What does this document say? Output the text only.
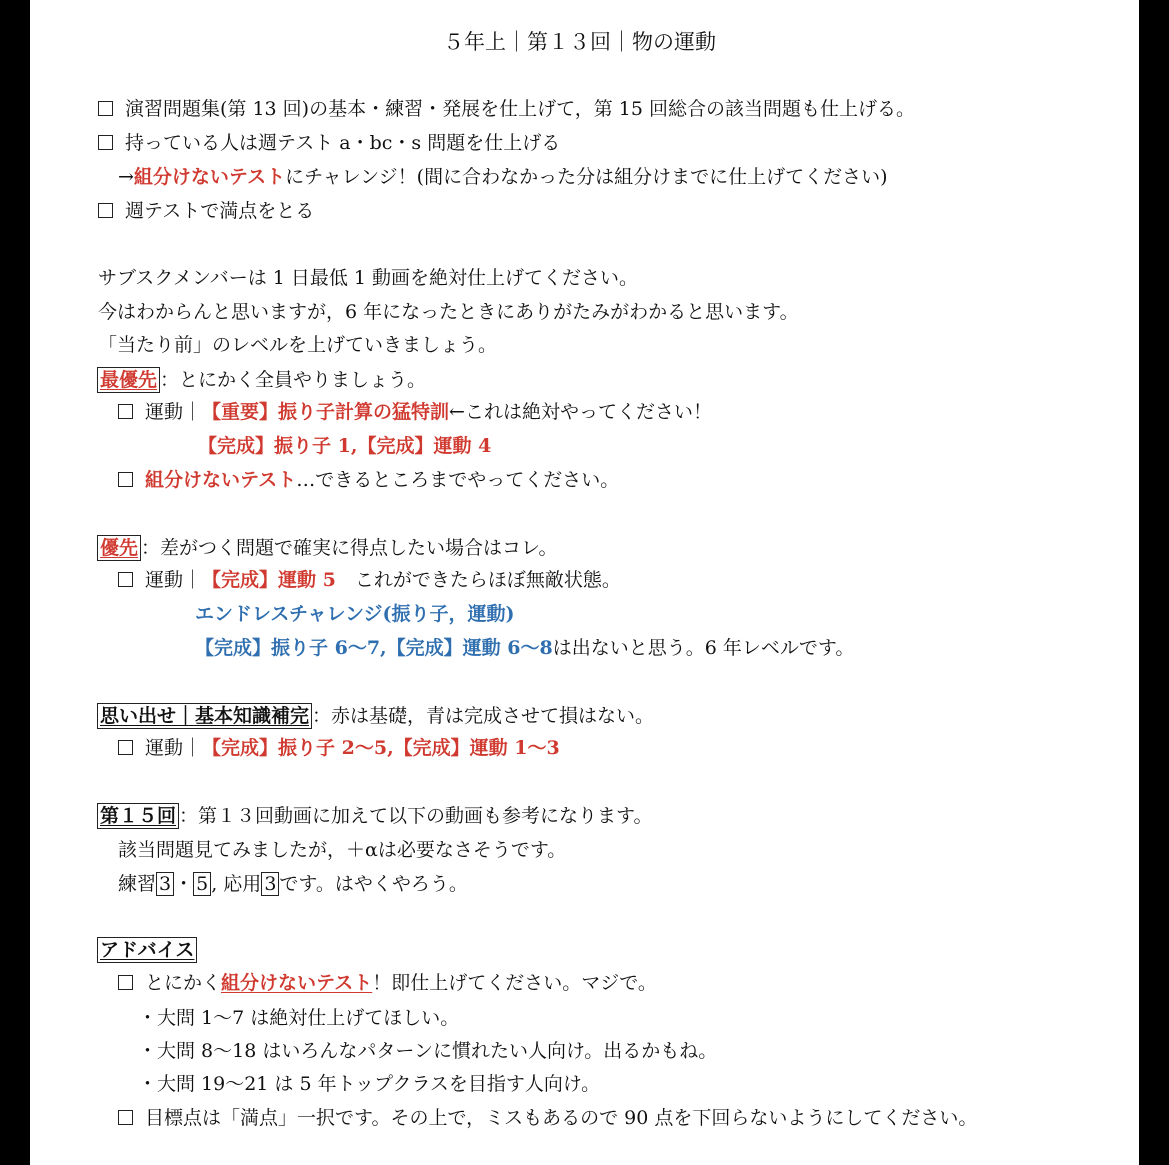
５年上｜第１３回｜物の運動
演習問題集(第 13 回)の基本・練習・発展を仕上げて，第 15 回総合の該当問題も仕上げる。
持っている人は週テスト a・bc・s 問題を仕上げる
→組分けないテストにチャレンジ！(間に合わなかった分は組分けまでに仕上げてください)
週テストで満点をとる
サブスクメンバーは 1 日最低 1 動画を絶対仕上げてください。
今はわからんと思いますが，6 年になったときにありがたみがわかると思います。
「当たり前」のレベルを上げていきましょう。
最優先 ：とにかく全員やりましょう。
運動｜【重要】振り子計算の猛特訓←これは絶対やってください！
【完成】振り子 1,【完成】運動 4
組分けないテスト…できるところまでやってください。
優先 ：差がつく問題で確実に得点したい場合はコレ。
運動｜【完成】運動 5　これができたらほぼ無敵状態。
エンドレスチャレンジ(振り子，運動)
【完成】振り子 6～7,【完成】運動 6～8は出ないと思う。6 年レベルです。
思い出せ｜基本知識補完 ：赤は基礎，青は完成させて損はない。
運動｜【完成】振り子 2～5,【完成】運動 1～3
第１５回 ：第１３回動画に加えて以下の動画も参考になります。
該当問題見てみましたが，＋αは必要なさそうです。
練習 3 ・ 5 , 応用 3 です。はやくやろう。
アドバイス
とにかく組分けないテスト！即仕上げてください。マジで。
・大問 1～7 は絶対仕上げてほしい。
・大問 8～18 はいろんなパターンに慣れたい人向け。出るかもね。
・大問 19～21 は 5 年トップクラスを目指す人向け。
目標点は「満点」一択です。その上で，ミスもあるので 90 点を下回らないようにしてください。
